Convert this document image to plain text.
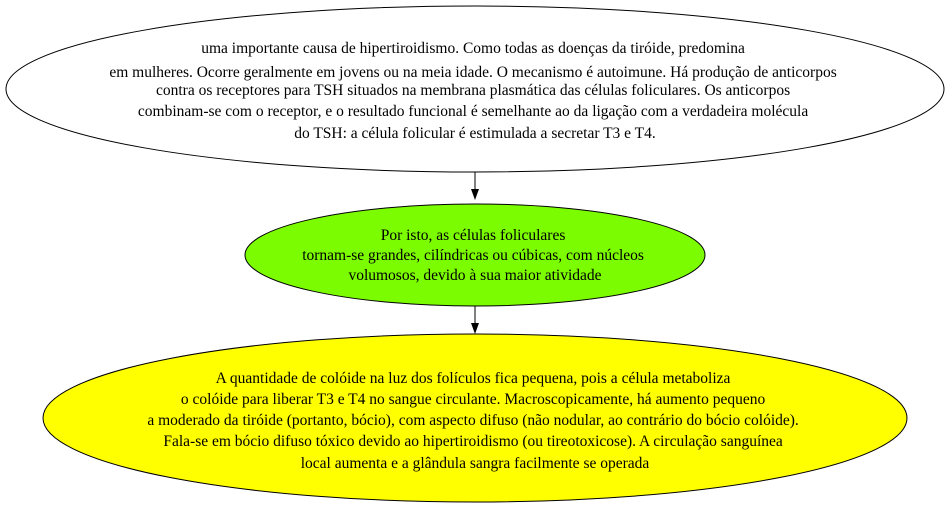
uma importante causa de hipertiroidismo. Como todas as doenças da tiróide, predomina em mulheres. Ocorre geralmente em jovens ou na meia idade. O mecanismo é autoimune. Há produção de anticorpos contra os receptores para TSH situados na membrana plasmática das células foliculares. Os anticorpos combinam-se com o receptor, e o resultado funcional é semelhante ao da ligação com a verdadeira molécula do TSH: a célula folicular é estimulada a secretar T3 e T4.
Por isto, as células foliculares tornam-se grandes, cilíndricas ou cúbicas, com núcleos volumosos, devido à sua maior atividade
A quantidade de colóide na luz dos folículos fica pequena, pois a célula metaboliza o colóide para liberar T3 e T4 no sangue circulante. Macroscopicamente, há aumento pequeno a moderado da tiróide (portanto, bócio), com aspecto difuso (não nodular, ao contrário do bócio colóide). Fala-se em bócio difuso tóxico devido ao hipertiroidismo (ou tireotoxicose). A circulação sanguínea local aumenta e a glândula sangra facilmente se operada
